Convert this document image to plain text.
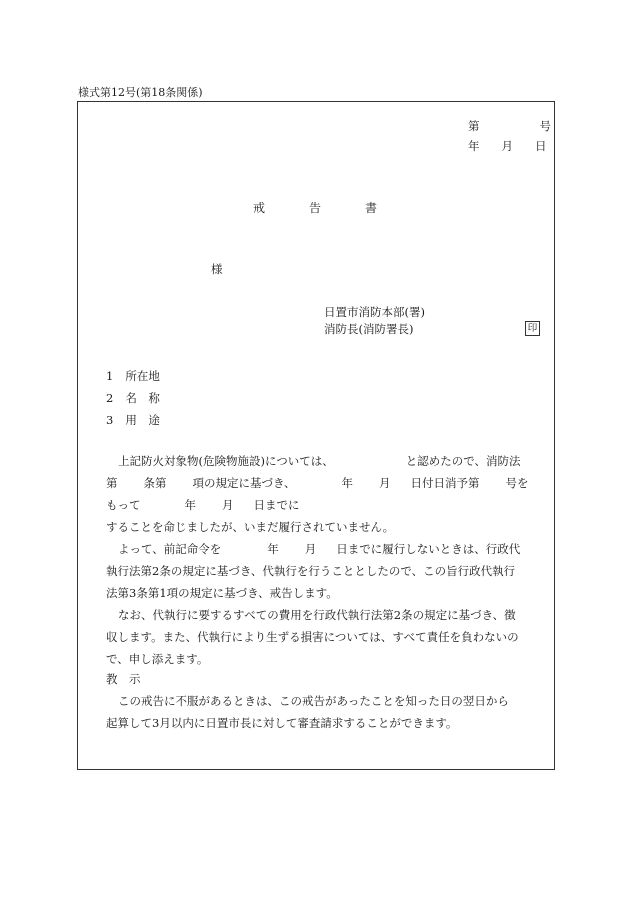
様式第12号(第18条関係)
第	号
年 月 日
戒	告	書
様
日置市消防本部(署)
消防長(消防署長)	印
1 所在地
2 名　称
3 用　途
上記防火対象物(危険物施設)については、	と認めたので、消防法
第 条第 項の規定に基づき、	年 月 日付日消予第 号を
もって	年 月 日までに
することを命じましたが、いまだ履行されていません。
よって、前記命令を	年 月 日までに履行しないときは、行政代
執行法第2条の規定に基づき、代執行を行うこととしたので、この旨行政代執行
法第3条第1項の規定に基づき、戒告します。
なお、代執行に要するすべての費用を行政代執行法第2条の規定に基づき、徴
収します。また、代執行により生ずる損害については、すべて責任を負わないの
で、申し添えます。
教　示
この戒告に不服があるときは、この戒告があったことを知った日の翌日から
起算して3月以内に日置市長に対して審査請求することができます。
